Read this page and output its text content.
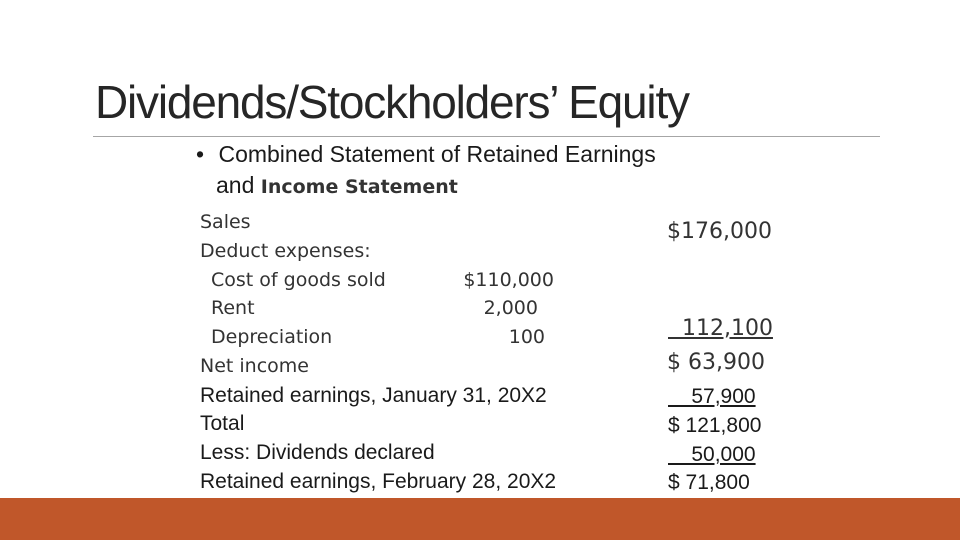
Dividends/Stockholders’ Equity
• Combined Statement of Retained Earnings
and Income Statement
Sales
Deduct expenses:
Cost of goods sold
Rent
Depreciation
Net income
Retained earnings, January 31, 20X2
Total
Less: Dividends declared
Retained earnings, February 28, 20X2
$110,000
2,000
100
$176,000
112,100
$ 63,900
57,900
$ 121,800
50,000
$ 71,800
